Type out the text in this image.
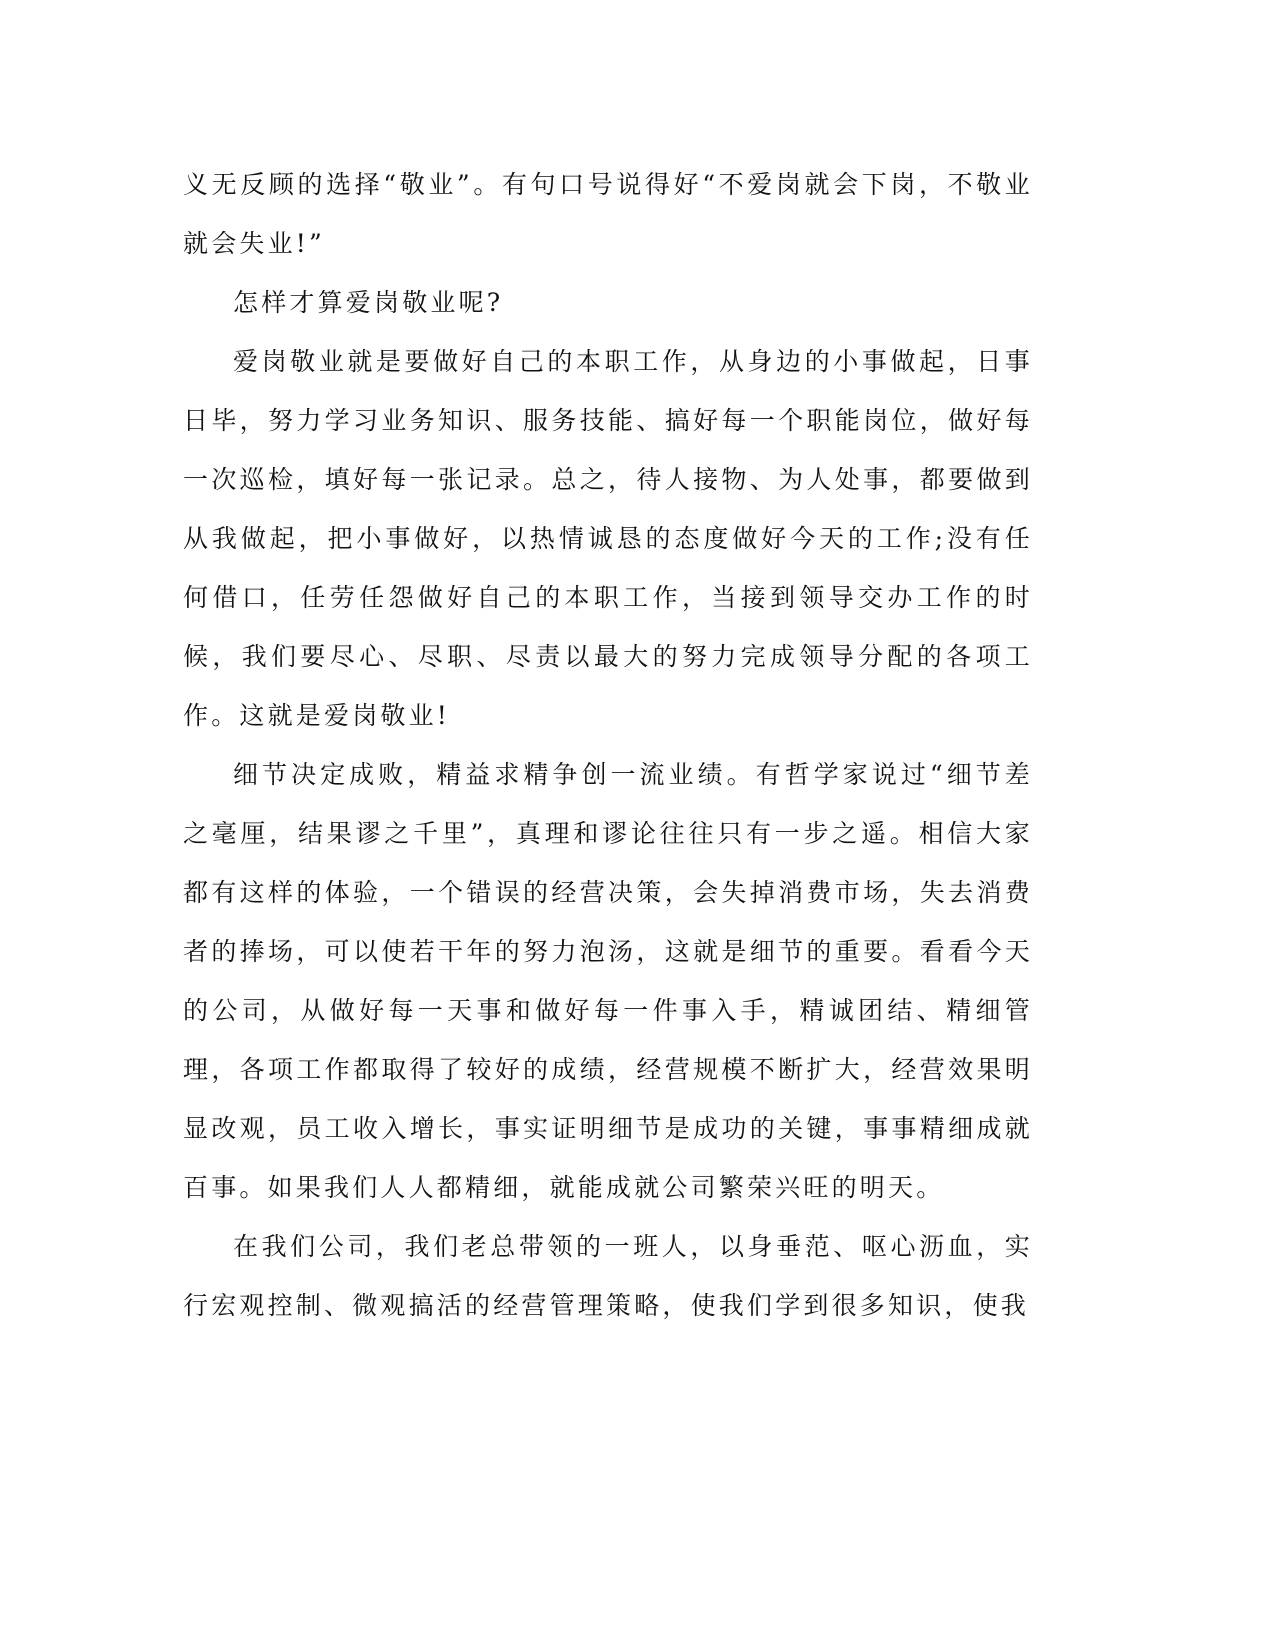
义无反顾的选择“敬业”。有句口号说得好“不爱岗就会下岗，不敬业就会失业!”

怎样才算爱岗敬业呢?

爱岗敬业就是要做好自己的本职工作，从身边的小事做起，日事日毕，努力学习业务知识、服务技能、搞好每一个职能岗位，做好每一次巡检，填好每一张记录。总之，待人接物、为人处事，都要做到从我做起，把小事做好，以热情诚恳的态度做好今天的工作;没有任何借口，任劳任怨做好自己的本职工作，当接到领导交办工作的时候，我们要尽心、尽职、尽责以最大的努力完成领导分配的各项工作。这就是爱岗敬业!

细节决定成败，精益求精争创一流业绩。有哲学家说过“细节差之毫厘，结果谬之千里”，真理和谬论往往只有一步之遥。相信大家都有这样的体验，一个错误的经营决策，会失掉消费市场，失去消费者的捧场，可以使若干年的努力泡汤，这就是细节的重要。看看今天的公司，从做好每一天事和做好每一件事入手，精诚团结、精细管理，各项工作都取得了较好的成绩，经营规模不断扩大，经营效果明显改观，员工收入增长，事实证明细节是成功的关键，事事精细成就百事。如果我们人人都精细，就能成就公司繁荣兴旺的明天。

在我们公司，我们老总带领的一班人，以身垂范、呕心沥血，实行宏观控制、微观搞活的经营管理策略，使我们学到很多知识，使我
